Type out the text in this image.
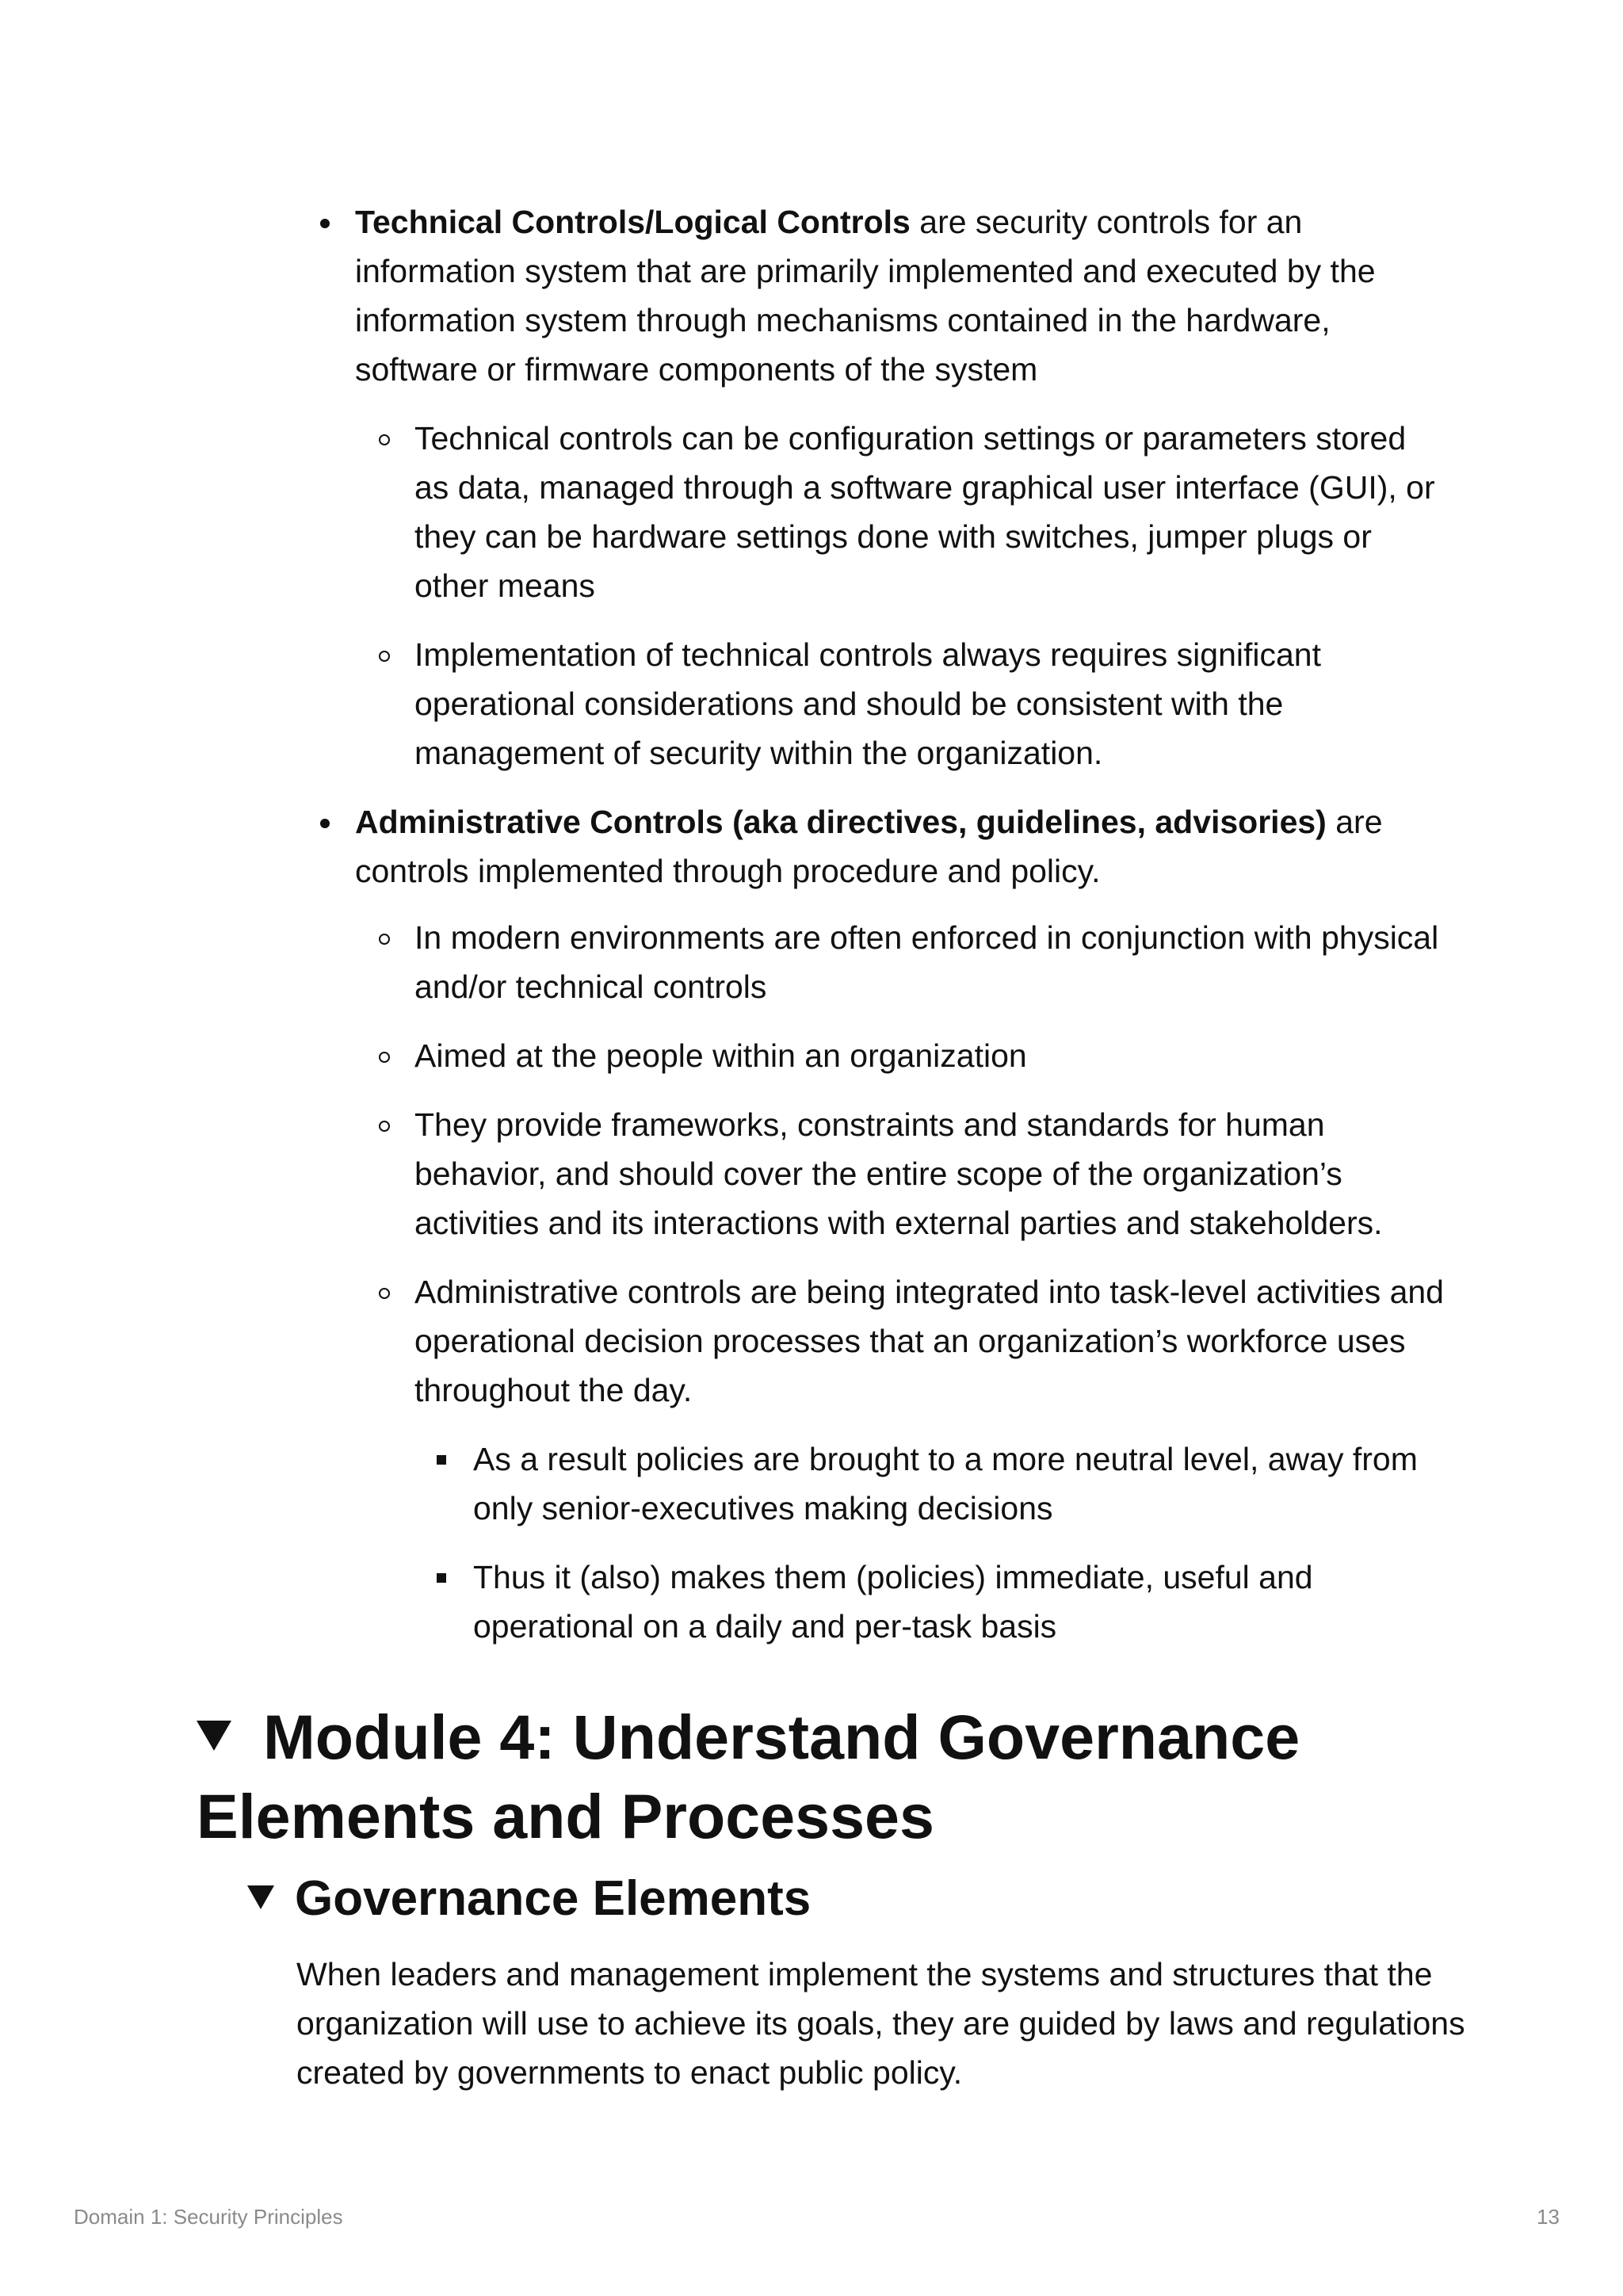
Technical Controls/Logical Controls are security controls for an information system that are primarily implemented and executed by the information system through mechanisms contained in the hardware, software or firmware components of the system
Technical controls can be configuration settings or parameters stored as data, managed through a software graphical user interface (GUI), or they can be hardware settings done with switches, jumper plugs or other means
Implementation of technical controls always requires significant operational considerations and should be consistent with the management of security within the organization.
Administrative Controls (aka directives, guidelines, advisories) are controls implemented through procedure and policy.
In modern environments are often enforced in conjunction with physical and/or technical controls
Aimed at the people within an organization
They provide frameworks, constraints and standards for human behavior, and should cover the entire scope of the organization’s activities and its interactions with external parties and stakeholders.
Administrative controls are being integrated into task-level activities and operational decision processes that an organization’s workforce uses throughout the day.
As a result policies are brought to a more neutral level, away from only senior-executives making decisions
Thus it (also) makes them (policies) immediate, useful and operational on a daily and per-task basis
Module 4: Understand Governance Elements and Processes
Governance Elements
When leaders and management implement the systems and structures that the organization will use to achieve its goals, they are guided by laws and regulations created by governments to enact public policy.
Domain 1: Security Principles	13
